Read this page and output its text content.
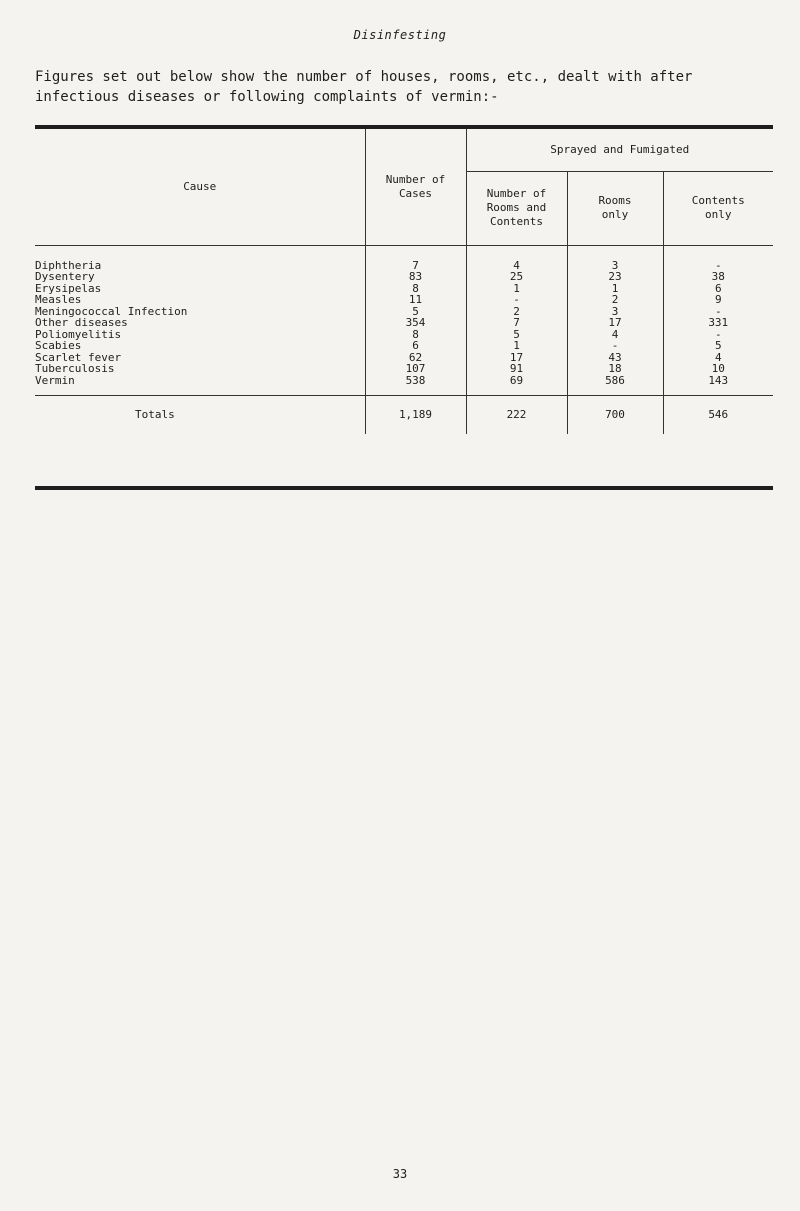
Disinfesting
Figures set out below show the number of houses, rooms, etc., dealt with after infectious diseases or following complaints of vermin:-
Cause	Number of Cases	Sprayed and Fumigated		
		Number of Rooms and Contents	Rooms only	Contents only

Diphtheria	7	4	3	-
Dysentery	83	25	23	38
Erysipelas	8	1	1	6
Measles	11	-	2	9
Meningococcal Infection	5	2	3	-
Other diseases	354	7	17	331
Poliomyelitis	8	5	4	-
Scabies	6	1	-	5
Scarlet fever	62	17	43	4
Tuberculosis	107	91	18	10
Vermin	538	69	586	143

Totals	1,189	222	700	546
33
